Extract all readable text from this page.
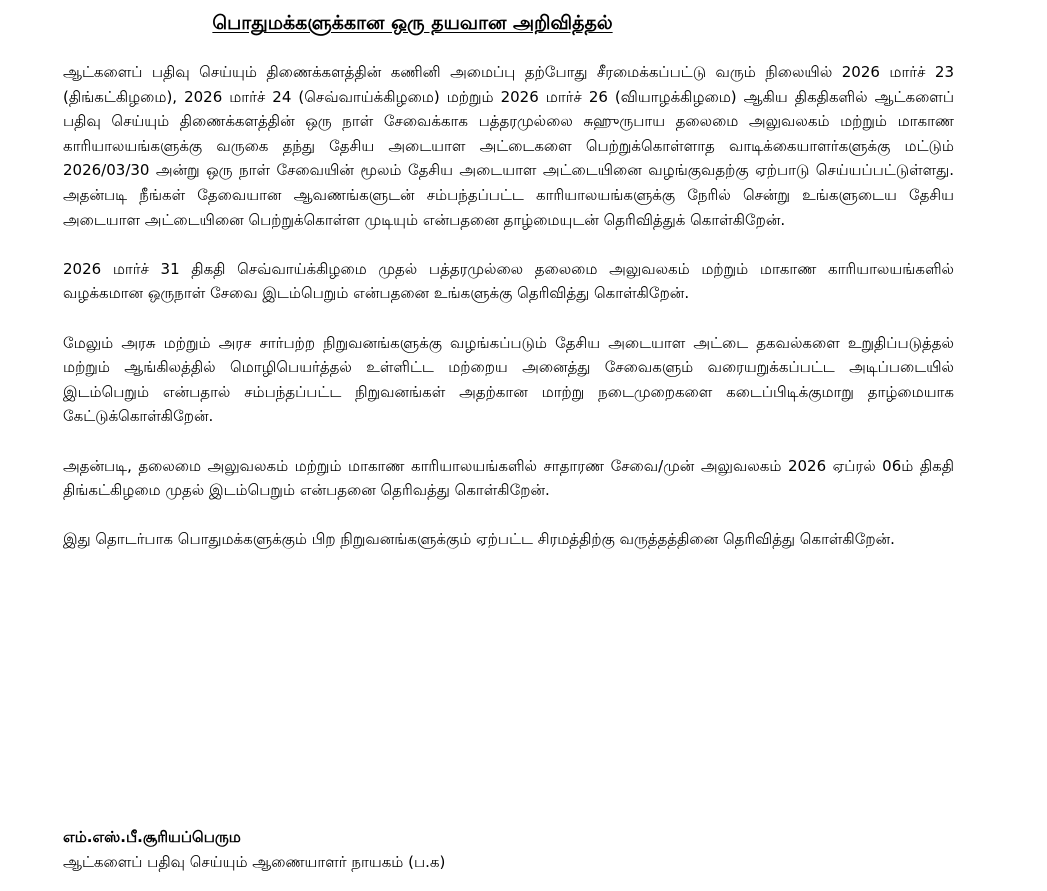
பொதுமக்களுக்கான ஒரு தயவான அறிவித்தல்

ஆட்களைப் பதிவு செய்யும் திணைக்களத்தின் கணினி அமைப்பு தற்போது சீரமைக்கப்பட்டு வரும் நிலையில் 2026 மார்ச் 23 (திங்கட்கிழமை), 2026 மார்ச் 24 (செவ்வாய்க்கிழமை) மற்றும் 2026 மார்ச் 26 (வியாழக்கிழமை) ஆகிய திகதிகளில் ஆட்களைப் பதிவு செய்யும் திணைக்களத்தின் ஒரு நாள் சேவைக்காக பத்தரமுல்லை சுஹுருபாய தலைமை அலுவலகம் மற்றும் மாகாண காரியாலயங்களுக்கு வருகை தந்து தேசிய அடையாள அட்டைகளை பெற்றுக்கொள்ளாத வாடிக்கையாளர்களுக்கு மட்டும் 2026/03/30 அன்று ஒரு நாள் சேவையின் மூலம் தேசிய அடையாள அட்டையினை வழங்குவதற்கு ஏற்பாடு செய்யப்பட்டுள்ளது. அதன்படி நீங்கள் தேவையான ஆவணங்களுடன் சம்பந்தப்பட்ட காரியாலயங்களுக்கு நேரில் சென்று உங்களுடைய தேசிய அடையாள அட்டையினை பெற்றுக்கொள்ள முடியும் என்பதனை தாழ்மையுடன் தெரிவித்துக் கொள்கிறேன்.

2026 மார்ச் 31 திகதி செவ்வாய்க்கிழமை முதல் பத்தரமுல்லை தலைமை அலுவலகம் மற்றும் மாகாண காரியாலயங்களில் வழக்கமான ஒருநாள் சேவை இடம்பெறும் என்பதனை உங்களுக்கு தெரிவித்து கொள்கிறேன்.

மேலும் அரசு மற்றும் அரச சார்பற்ற நிறுவனங்களுக்கு வழங்கப்படும் தேசிய அடையாள அட்டை தகவல்களை உறுதிப்படுத்தல் மற்றும் ஆங்கிலத்தில் மொழிபெயர்த்தல் உள்ளிட்ட மற்றைய அனைத்து சேவைகளும் வரையறுக்கப்பட்ட அடிப்படையில் இடம்பெறும் என்பதால் சம்பந்தப்பட்ட நிறுவனங்கள் அதற்கான மாற்று நடைமுறைகளை கடைப்பிடிக்குமாறு தாழ்மையாக கேட்டுக்கொள்கிறேன்.

அதன்படி, தலைமை அலுவலகம் மற்றும் மாகாண காரியாலயங்களில் சாதாரண சேவை/முன் அலுவலகம் 2026 ஏப்ரல் 06ம் திகதி திங்கட்கிழமை முதல் இடம்பெறும் என்பதனை தெரிவத்து கொள்கிறேன்.

இது தொடர்பாக பொதுமக்களுக்கும் பிற நிறுவனங்களுக்கும் ஏற்பட்ட சிரமத்திற்கு வருத்தத்தினை தெரிவித்து கொள்கிறேன்.

எம்.எஸ்.பீ.சூரியப்பெரும
ஆட்களைப் பதிவு செய்யும் ஆணையாளர் நாயகம் (ப.க)
